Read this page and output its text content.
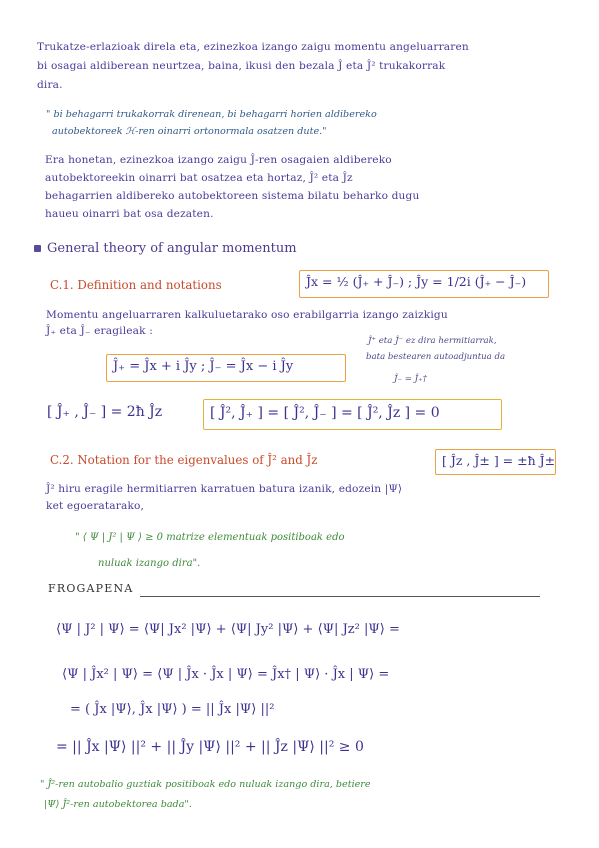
Trukatze-erlazioak direla eta, ezinezkoa izango zaigu momentu angeluarraren
bi osagai aldiberean neurtzea, baina, ikusi den bezala Ĵ eta Ĵ² trukakorrak
dira.
" bi behagarri trukakorrak direnean, bi behagarri horien aldibereko
autobektoreek ℋ-ren oinarri ortonormala osatzen dute."
Era honetan, ezinezkoa izango zaigu Ĵ-ren osagaien aldibereko
autobektoreekin oinarri bat osatzea eta hortaz, Ĵ² eta Ĵz
behagarrien aldibereko autobektoreen sistema bilatu beharko dugu
haueu oinarri bat osa dezaten.
General theory of angular momentum
C.1. Definition and notations	Ĵx = ½ (Ĵ₊ + Ĵ₋) ; Ĵy = 1/2i (Ĵ₊ − Ĵ₋)
Momentu angeluarraren kalkuluetarako oso erabilgarria izango zaizkigu
Ĵ₊ eta Ĵ₋ eragileak :
Ĵ₊ = Ĵx + i Ĵy ; Ĵ₋ = Ĵx − i Ĵy
Ĵ⁺ eta Ĵ⁻ ez dira hermitiarrak,
bata bestearen autoadjuntua da
Ĵ₋ = Ĵ₊†
[ Ĵ₊ , Ĵ₋ ] = 2ħ Ĵz	[ Ĵ², Ĵ₊ ] = [ Ĵ², Ĵ₋ ] = [ Ĵ², Ĵz ] = 0
C.2. Notation for the eigenvalues of Ĵ² and Ĵz	[ Ĵz , Ĵ± ] = ±ħ Ĵ±
Ĵ² hiru eragile hermitiarren karratuen batura izanik, edozein |Ψ⟩
ket egoeratarako,
" ⟨ Ψ | J² | Ψ ⟩ ≥ 0 matrize elementuak positiboak edo
nuluak izango dira".
FROGAPENA
⟨Ψ | J² | Ψ⟩ = ⟨Ψ| Jx² |Ψ⟩ + ⟨Ψ| Jy² |Ψ⟩ + ⟨Ψ| Jz² |Ψ⟩ =
⟨Ψ | Ĵx² | Ψ⟩ = ⟨Ψ | Ĵx · Ĵx | Ψ⟩ = Ĵx† | Ψ⟩ · Ĵx | Ψ⟩ =
= ( Ĵx |Ψ⟩, Ĵx |Ψ⟩ ) = || Ĵx |Ψ⟩ ||²
= || Ĵx |Ψ⟩ ||² + || Ĵy |Ψ⟩ ||² + || Ĵz |Ψ⟩ ||² ≥ 0
" Ĵ²-ren autobalio guztiak positiboak edo nuluak izango dira, betiere
|Ψ⟩ Ĵ²-ren autobektorea bada".
